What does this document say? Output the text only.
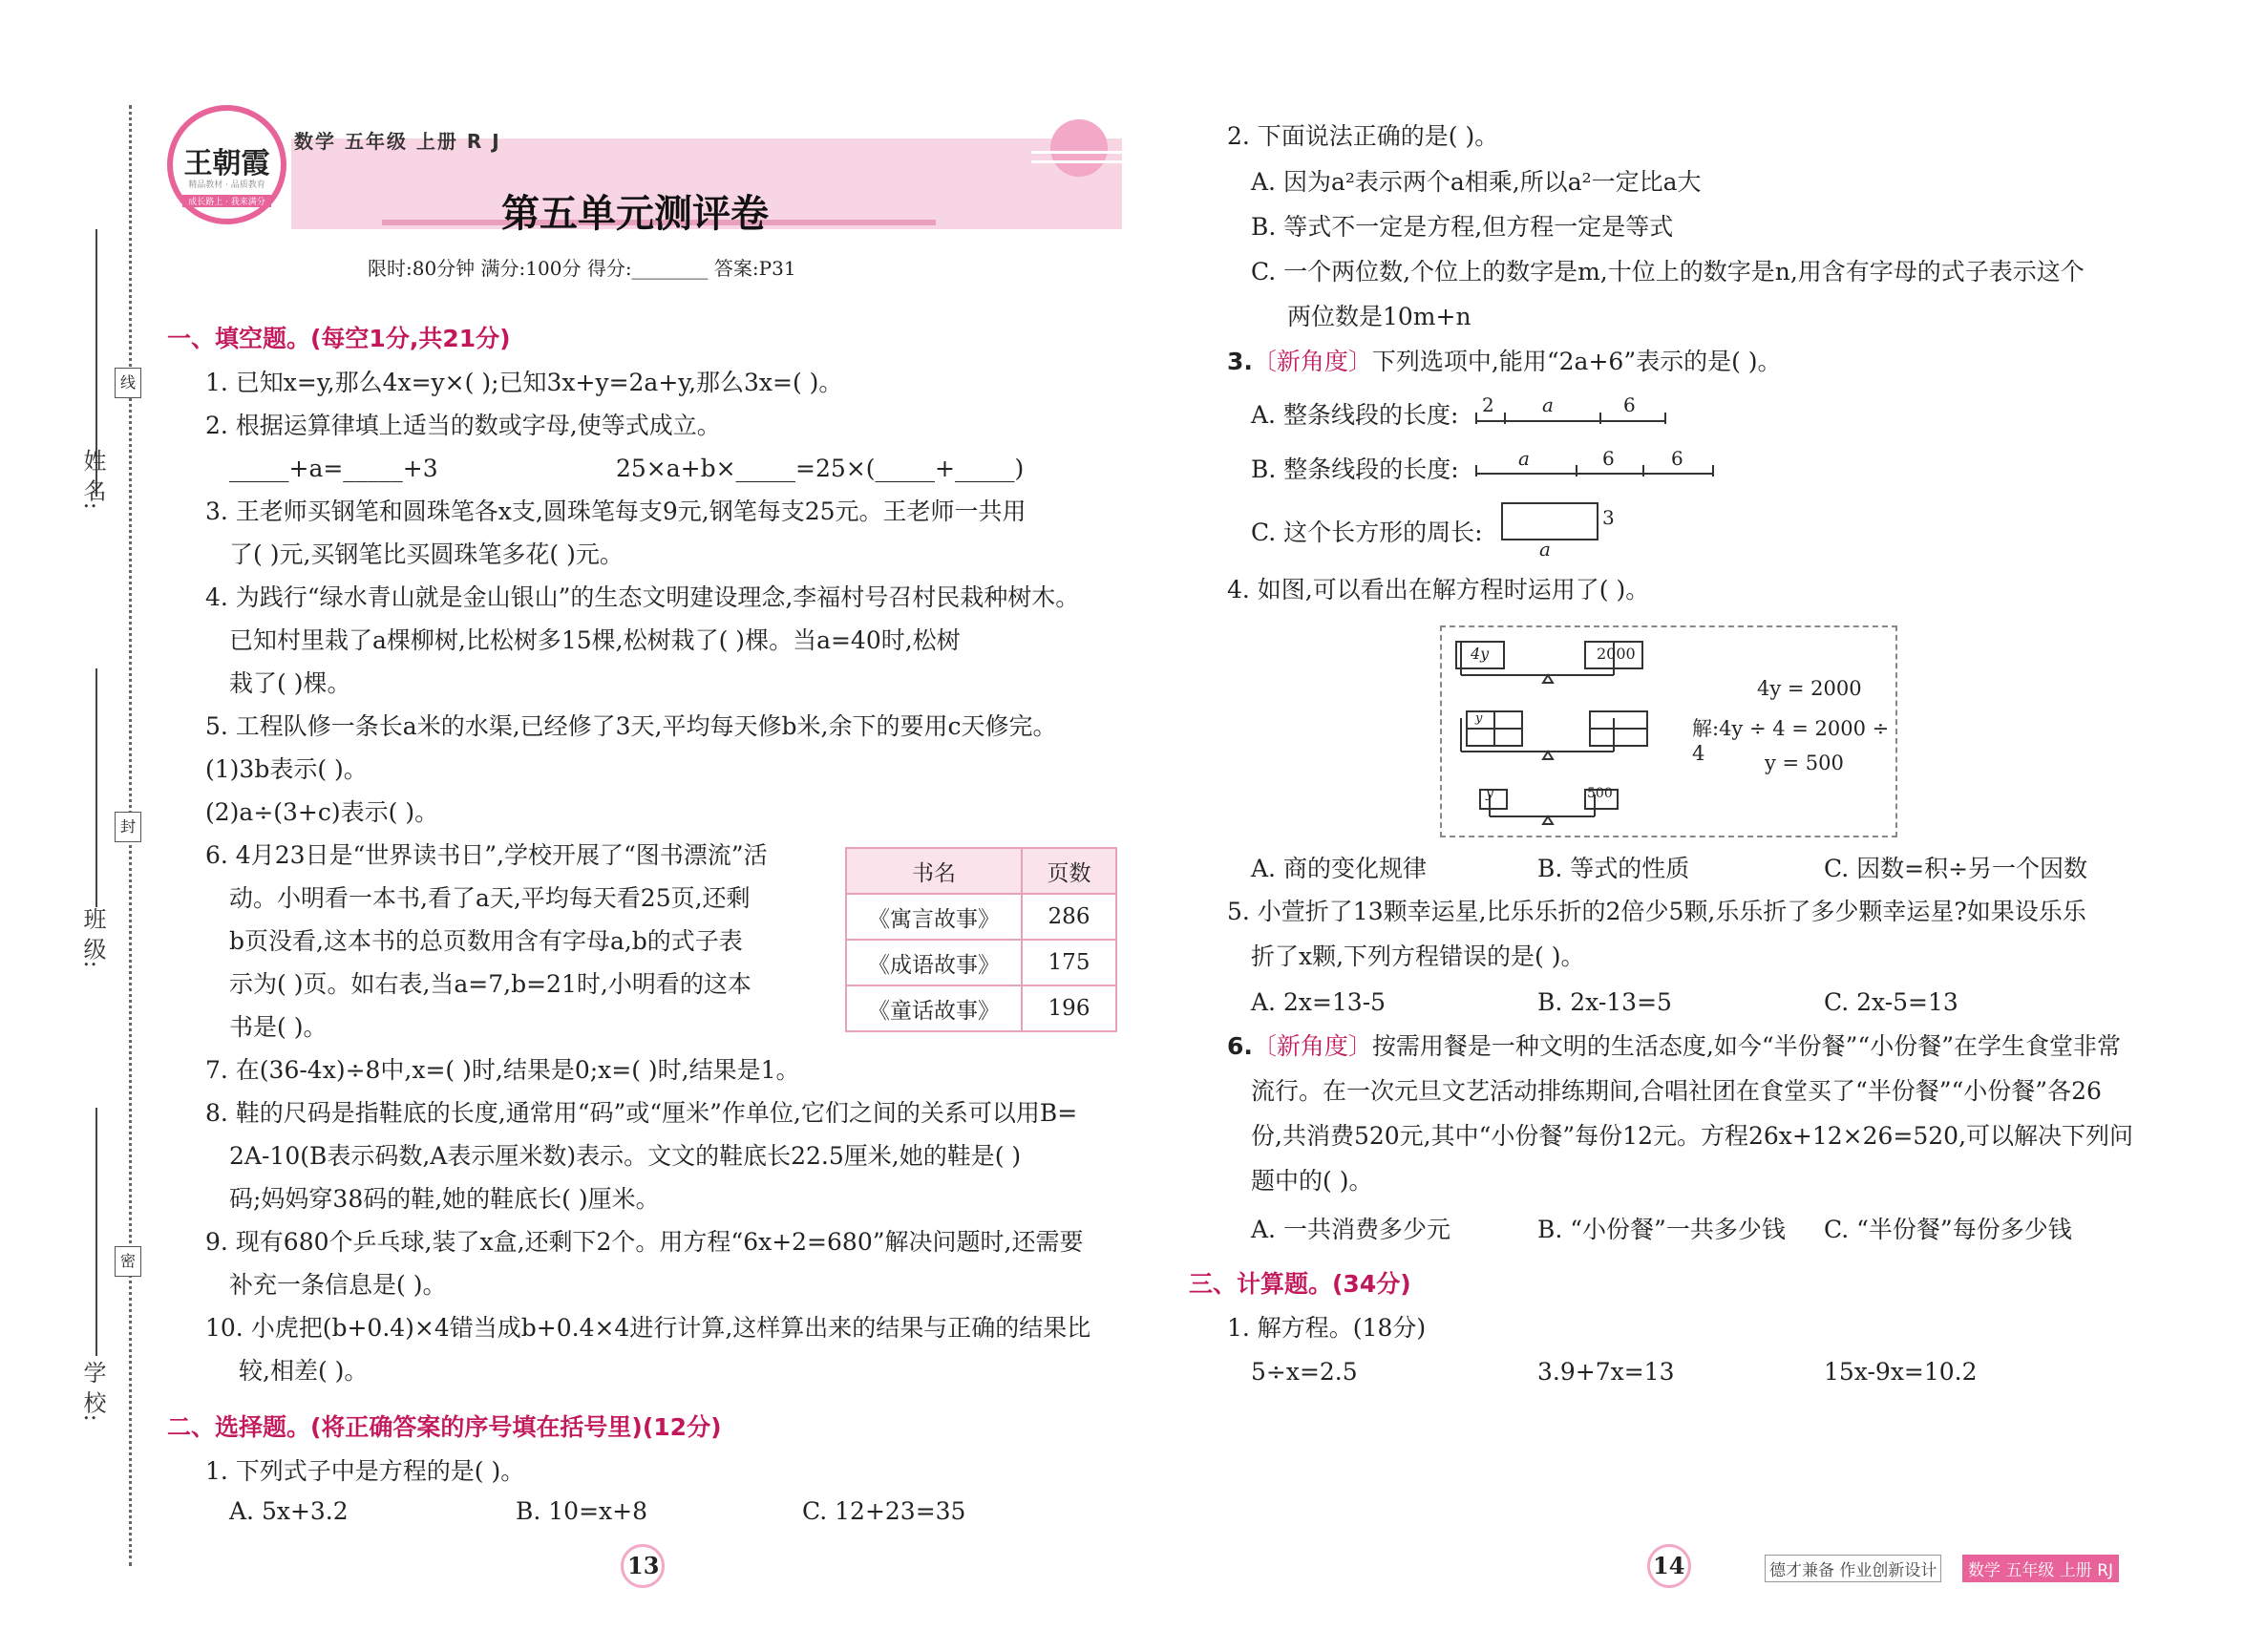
姓 名:
班 级:
学 校:
线
封
密
王朝霞
精品教材 · 品质教育
成长路上 · 我来满分
数学 五年级 上册 R J
第五单元测评卷
限时:80分钟 满分:100分 得分:________ 答案:P31
一、填空题。(每空1分,共21分)
1. 已知x=y,那么4x=y×( );已知3x+y=2a+y,那么3x=( )。
2. 根据运算律填上适当的数或字母,使等式成立。
_____+a=_____+3	25×a+b×_____=25×(_____+_____)
3. 王老师买钢笔和圆珠笔各x支,圆珠笔每支9元,钢笔每支25元。王老师一共用
了( )元,买钢笔比买圆珠笔多花( )元。
4. 为践行“绿水青山就是金山银山”的生态文明建设理念,李福村号召村民栽种树木。
已知村里栽了a棵柳树,比松树多15棵,松树栽了( )棵。当a=40时,松树
栽了( )棵。
5. 工程队修一条长a米的水渠,已经修了3天,平均每天修b米,余下的要用c天修完。
(1)3b表示( )。
(2)a÷(3+c)表示( )。
6. 4月23日是“世界读书日”,学校开展了“图书漂流”活
动。小明看一本书,看了a天,平均每天看25页,还剩
b页没看,这本书的总页数用含有字母a,b的式子表
示为( )页。如右表,当a=7,b=21时,小明看的这本
书是( )。
书名	页数
《寓言故事》	286
《成语故事》	175
《童话故事》	196
7. 在(36-4x)÷8中,x=( )时,结果是0;x=( )时,结果是1。
8. 鞋的尺码是指鞋底的长度,通常用“码”或“厘米”作单位,它们之间的关系可以用B=
2A-10(B表示码数,A表示厘米数)表示。文文的鞋底长22.5厘米,她的鞋是( )
码;妈妈穿38码的鞋,她的鞋底长( )厘米。
9. 现有680个乒乓球,装了x盒,还剩下2个。用方程“6x+2=680”解决问题时,还需要
补充一条信息是( )。
10. 小虎把(b+0.4)×4错当成b+0.4×4进行计算,这样算出来的结果与正确的结果比
较,相差( )。
二、选择题。(将正确答案的序号填在括号里)(12分)
1. 下列式子中是方程的是( )。
A. 5x+3.2	B. 10=x+8	C. 12+23=35
13
2. 下面说法正确的是( )。
A. 因为a²表示两个a相乘,所以a²一定比a大
B. 等式不一定是方程,但方程一定是等式
C. 一个两位数,个位上的数字是m,十位上的数字是n,用含有字母的式子表示这个
两位数是10m+n
3.〔新角度〕下列选项中,能用“2a+6”表示的是( )。
A. 整条线段的长度: 2	a	6
B. 整条线段的长度:	a	6	6
C. 这个长方形的周长:
3
a
4. 如图,可以看出在解方程时运用了( )。
4y	2000
y
y	500
4y = 2000
解:4y ÷ 4 = 2000 ÷ 4	y = 500
A. 商的变化规律	B. 等式的性质	C. 因数=积÷另一个因数
5. 小萱折了13颗幸运星,比乐乐折的2倍少5颗,乐乐折了多少颗幸运星?如果设乐乐
折了x颗,下列方程错误的是( )。
A. 2x=13-5	B. 2x-13=5	C. 2x-5=13
6.〔新角度〕按需用餐是一种文明的生活态度,如今“半份餐”“小份餐”在学生食堂非常
流行。在一次元旦文艺活动排练期间,合唱社团在食堂买了“半份餐”“小份餐”各26
份,共消费520元,其中“小份餐”每份12元。方程26x+12×26=520,可以解决下列问
题中的( )。
A. 一共消费多少元	B. “小份餐”一共多少钱 C. “半份餐”每份多少钱
三、计算题。(34分)
1. 解方程。(18分)
5÷x=2.5	3.9+7x=13	15x-9x=10.2
14	德才兼备 作业创新设计	数学 五年级 上册 RJ
